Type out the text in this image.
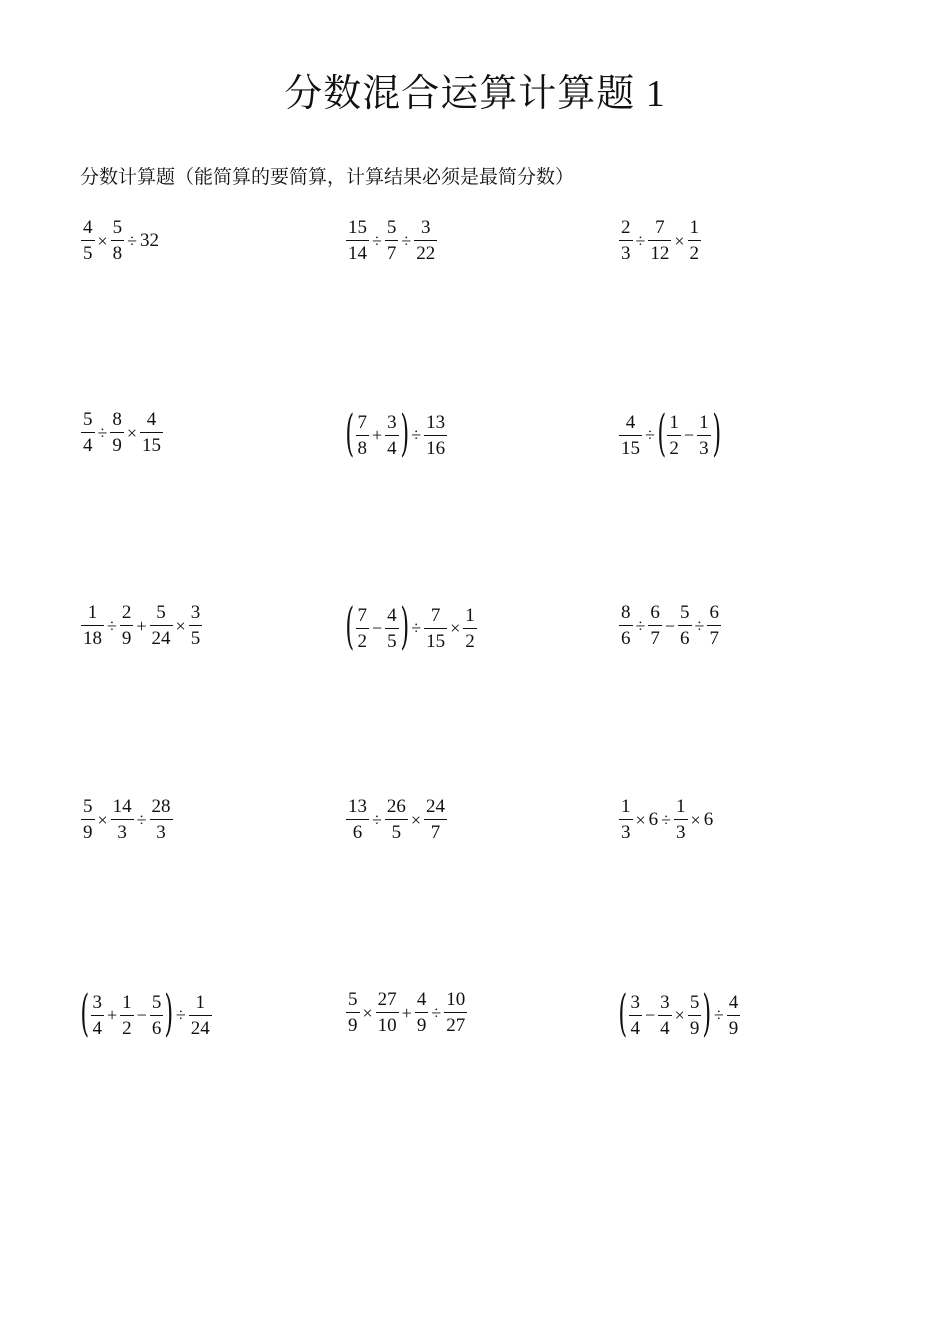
分数混合运算计算题 1
分数计算题（能简算的要简算，计算结果必须是最简分数）
$\frac{4}{5} \times \frac{5}{8} \div 32$	$\frac{15}{14} \div \frac{5}{7} \div \frac{3}{22}$	$\frac{2}{3} \div \frac{7}{12} \times \frac{1}{2}$
$\frac{5}{4} \div \frac{8}{9} \times \frac{4}{15}$	( $\frac{7}{8} + \frac{3}{4}$ ) ÷ $\frac{13}{16}$	$\frac{4}{15}$ ÷ ( $\frac{1}{2} - \frac{1}{3}$ )
$\frac{1}{18} \div \frac{2}{9} + \frac{5}{24} \times \frac{3}{5}$	( $\frac{7}{2} - \frac{4}{5}$ ) ÷ $\frac{7}{15} \times \frac{1}{2}$	$\frac{8}{6} \div \frac{6}{7} - \frac{5}{6} \div \frac{6}{7}$
$\frac{5}{9} \times \frac{14}{3} \div \frac{28}{3}$	$\frac{13}{6} \div \frac{26}{5} \times \frac{24}{7}$	$\frac{1}{3} \times 6 \div \frac{1}{3} \times 6$
( $\frac{3}{4} + \frac{1}{2} - \frac{5}{6}$ ) ÷ $\frac{1}{24}$	$\frac{5}{9} \times \frac{27}{10} + \frac{4}{9} \div \frac{10}{27}$	( $\frac{3}{4} - \frac{3}{4} \times \frac{5}{9}$ ) ÷ $\frac{4}{9}$
